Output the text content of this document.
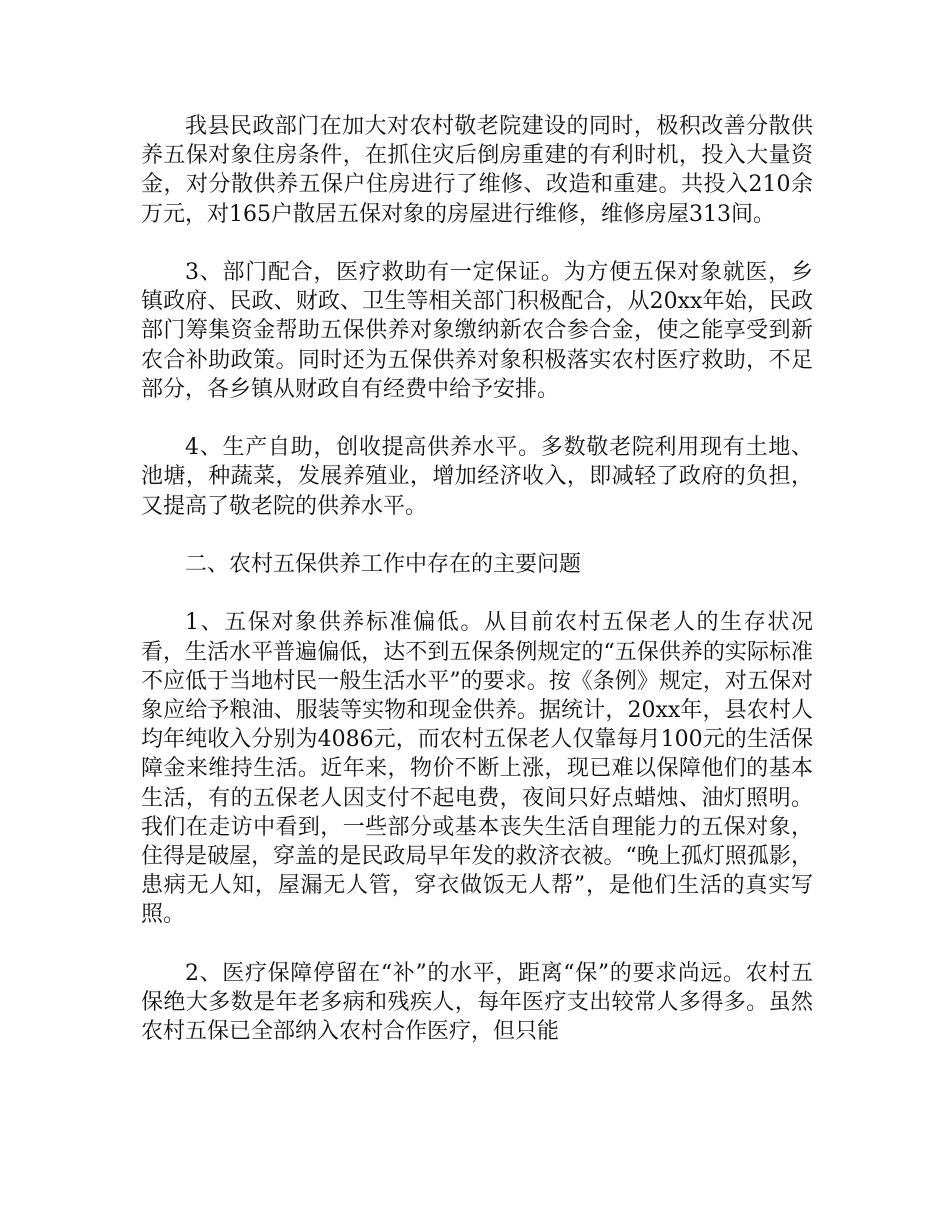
我县民政部门在加大对农村敬老院建设的同时，极积改善分散供养五保对象住房条件，在抓住灾后倒房重建的有利时机，投入大量资金，对分散供养五保户住房进行了维修、改造和重建。共投入210余万元，对165户散居五保对象的房屋进行维修，维修房屋313间。

3、部门配合，医疗救助有一定保证。为方便五保对象就医，乡镇政府、民政、财政、卫生等相关部门积极配合，从20xx年始，民政部门筹集资金帮助五保供养对象缴纳新农合参合金，使之能享受到新农合补助政策。同时还为五保供养对象积极落实农村医疗救助，不足部分，各乡镇从财政自有经费中给予安排。

4、生产自助，创收提高供养水平。多数敬老院利用现有土地、池塘，种蔬菜，发展养殖业，增加经济收入，即减轻了政府的负担，又提高了敬老院的供养水平。

二、农村五保供养工作中存在的主要问题

1、五保对象供养标准偏低。从目前农村五保老人的生存状况看，生活水平普遍偏低，达不到五保条例规定的“五保供养的实际标准不应低于当地村民一般生活水平”的要求。按《条例》规定，对五保对象应给予粮油、服装等实物和现金供养。据统计，20xx年，县农村人均年纯收入分别为4086元，而农村五保老人仅靠每月100元的生活保障金来维持生活。近年来，物价不断上涨，现已难以保障他们的基本生活，有的五保老人因支付不起电费，夜间只好点蜡烛、油灯照明。我们在走访中看到，一些部分或基本丧失生活自理能力的五保对象，住得是破屋，穿盖的是民政局早年发的救济衣被。“晚上孤灯照孤影，患病无人知，屋漏无人管，穿衣做饭无人帮”，是他们生活的真实写照。

2、医疗保障停留在“补”的水平，距离“保”的要求尚远。农村五保绝大多数是年老多病和残疾人，每年医疗支出较常人多得多。虽然农村五保已全部纳入农村合作医疗，但只能
